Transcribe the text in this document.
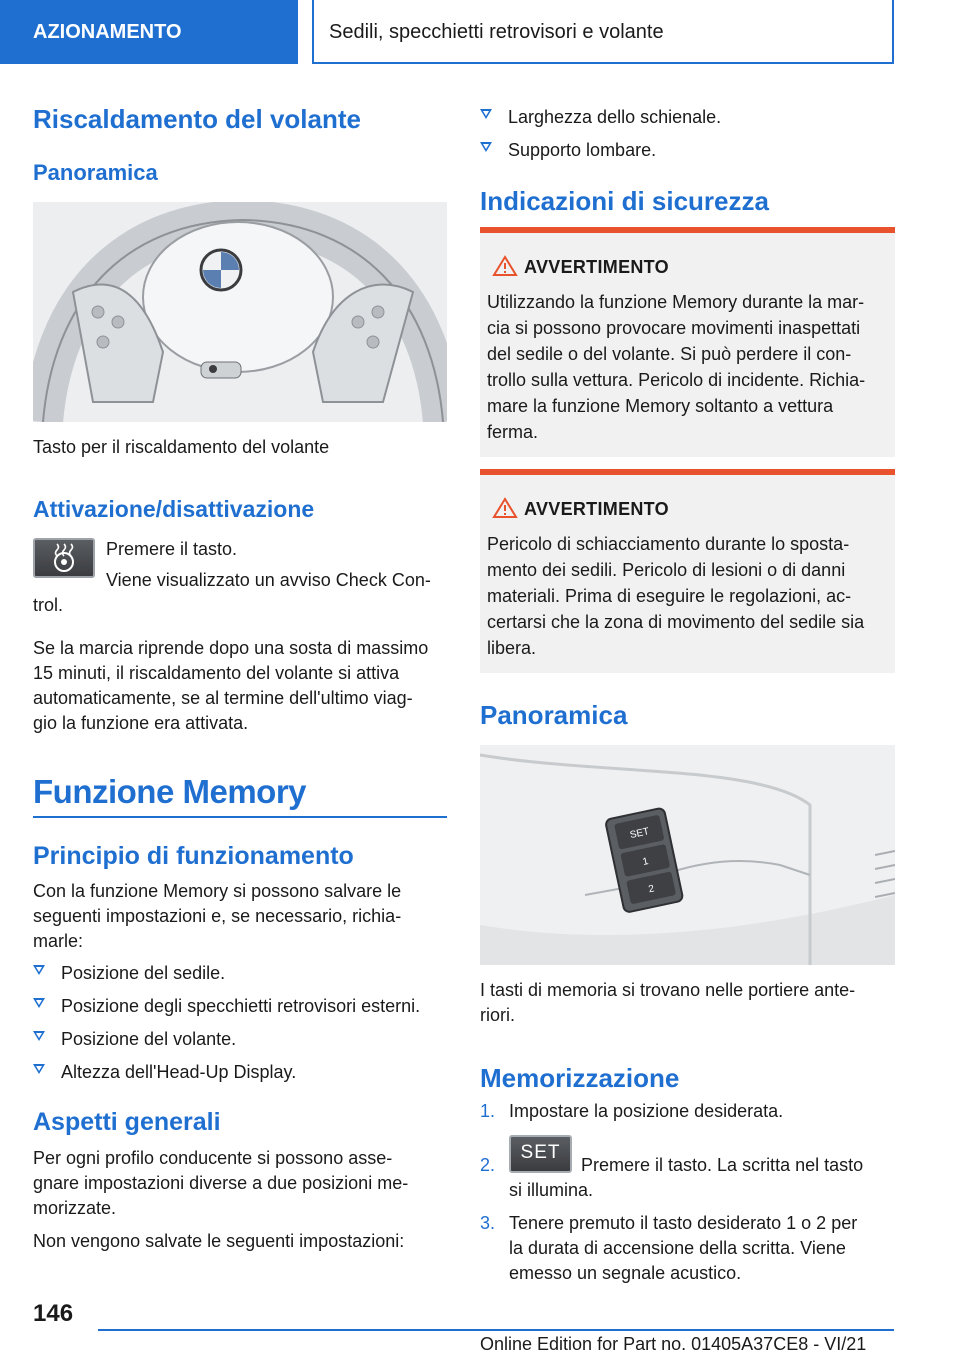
AZIONAMENTO	Sedili, specchietti retrovisori e volante
Riscaldamento del volante
Panoramica
Tasto per il riscaldamento del volante
Attivazione/disattivazione
Premere il tasto.
Viene visualizzato un avviso Check Con-
trol.
Se la marcia riprende dopo una sosta di massimo
15 minuti, il riscaldamento del volante si attiva
automaticamente, se al termine dell'ultimo viag-
gio la funzione era attivata.
Funzione Memory
Principio di funzionamento
Con la funzione Memory si possono salvare le
seguenti impostazioni e, se necessario, richia-
marle:
Posizione del sedile.
Posizione degli specchietti retrovisori esterni.
Posizione del volante.
Altezza dell'Head-Up Display.
Aspetti generali
Per ogni profilo conducente si possono asse-
gnare impostazioni diverse a due posizioni me-
morizzate.
Non vengono salvate le seguenti impostazioni:
Larghezza dello schienale.
Supporto lombare.
Indicazioni di sicurezza
AVVERTIMENTO
Utilizzando la funzione Memory durante la mar-
cia si possono provocare movimenti inaspettati
del sedile o del volante. Si può perdere il con-
trollo sulla vettura. Pericolo di incidente. Richia-
mare la funzione Memory soltanto a vettura
ferma.
AVVERTIMENTO
Pericolo di schiacciamento durante lo sposta-
mento dei sedili. Pericolo di lesioni o di danni
materiali. Prima di eseguire le regolazioni, ac-
certarsi che la zona di movimento del sedile sia
libera.
Panoramica
SET
1
2
I tasti di memoria si trovano nelle portiere ante-
riori.
Memorizzazione
1. Impostare la posizione desiderata.
2.
SET
Premere il tasto. La scritta nel tasto
si illumina.
3. Tenere premuto il tasto desiderato 1 o 2 per
la durata di accensione della scritta. Viene
emesso un segnale acustico.
146
Online Edition for Part no. 01405A37CE8 - VI/21
